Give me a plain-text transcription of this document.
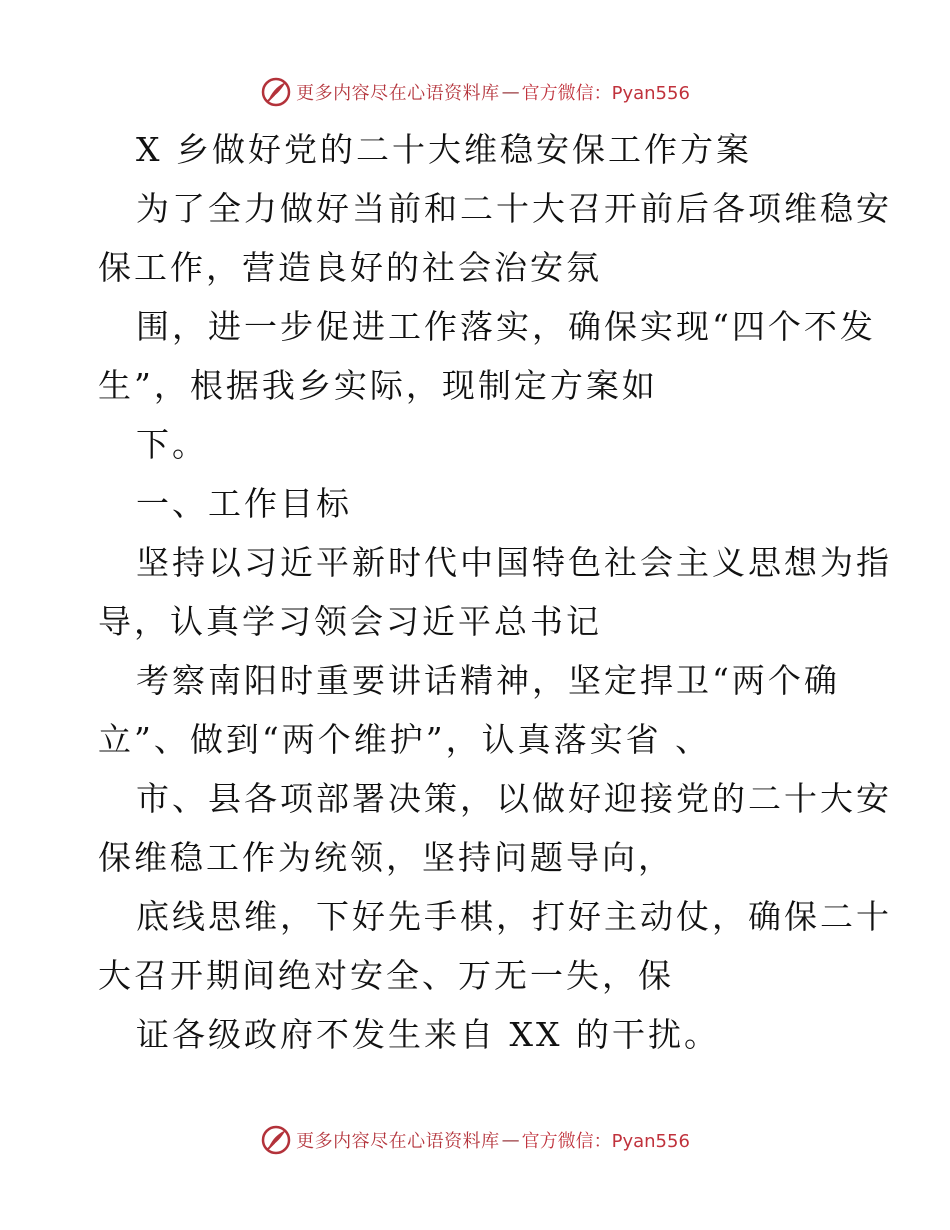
更多内容尽在心语资料库 — 官方微信：Pyan556
X 乡做好党的二十大维稳安保工作方案
为了全力做好当前和二十大召开前后各项维稳安
保工作，营造良好的社会治安氛
围，进一步促进工作落实，确保实现“四个不发
生”，根据我乡实际，现制定方案如
下。
一、工作目标
坚持以习近平新时代中国特色社会主义思想为指
导，认真学习领会习近平总书记
考察南阳时重要讲话精神，坚定捍卫“两个确
立”、做到“两个维护”，认真落实省 、
市、县各项部署决策，以做好迎接党的二十大安
保维稳工作为统领，坚持问题导向，
底线思维，下好先手棋，打好主动仗，确保二十
大召开期间绝对安全、万无一失，保
证各级政府不发生来自 XX 的干扰。
更多内容尽在心语资料库 — 官方微信：Pyan556
